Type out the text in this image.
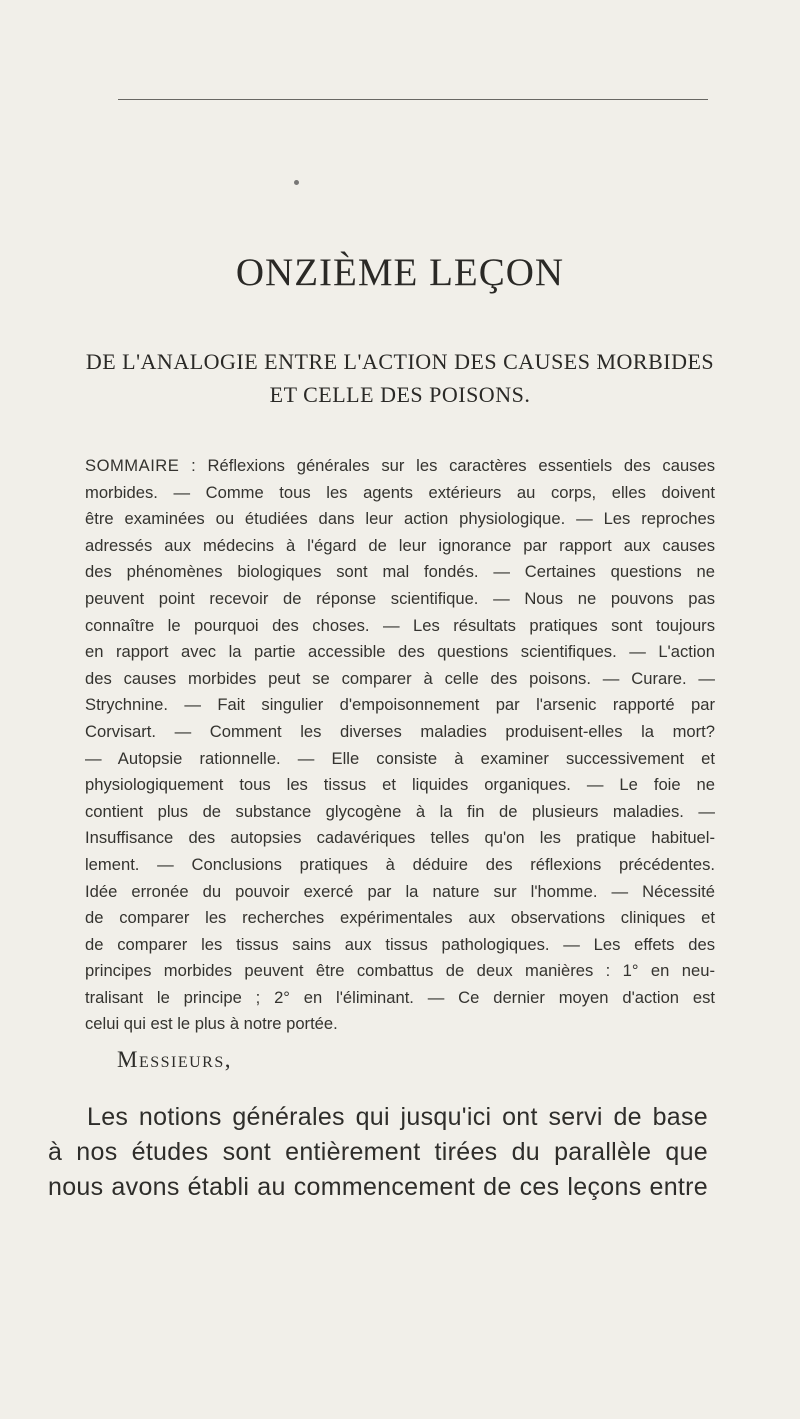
ONZIÈME LEÇON
DE L'ANALOGIE ENTRE L'ACTION DES CAUSES MORBIDES
ET CELLE DES POISONS.
SOMMAIRE : Réflexions générales sur les caractères essentiels des causes
morbides. — Comme tous les agents extérieurs au corps, elles doivent
être examinées ou étudiées dans leur action physiologique. — Les reproches
adressés aux médecins à l'égard de leur ignorance par rapport aux causes
des phénomènes biologiques sont mal fondés. — Certaines questions ne
peuvent point recevoir de réponse scientifique. — Nous ne pouvons pas
connaître le pourquoi des choses. — Les résultats pratiques sont toujours
en rapport avec la partie accessible des questions scientifiques. — L'action
des causes morbides peut se comparer à celle des poisons. — Curare. —
Strychnine. — Fait singulier d'empoisonnement par l'arsenic rapporté par
Corvisart. — Comment les diverses maladies produisent-elles la mort?
— Autopsie rationnelle. — Elle consiste à examiner successivement et
physiologiquement tous les tissus et liquides organiques. — Le foie ne
contient plus de substance glycogène à la fin de plusieurs maladies. —
Insuffisance des autopsies cadavériques telles qu'on les pratique habituel-
lement. — Conclusions pratiques à déduire des réflexions précédentes.
Idée erronée du pouvoir exercé par la nature sur l'homme. — Nécessité
de comparer les recherches expérimentales aux observations cliniques et
de comparer les tissus sains aux tissus pathologiques. — Les effets des
principes morbides peuvent être combattus de deux manières : 1° en neu-
tralisant le principe ; 2° en l'éliminant. — Ce dernier moyen d'action est
celui qui est le plus à notre portée.
Messieurs,
Les notions générales qui jusqu'ici ont servi de base
à nos études sont entièrement tirées du parallèle que
nous avons établi au commencement de ces leçons entre
